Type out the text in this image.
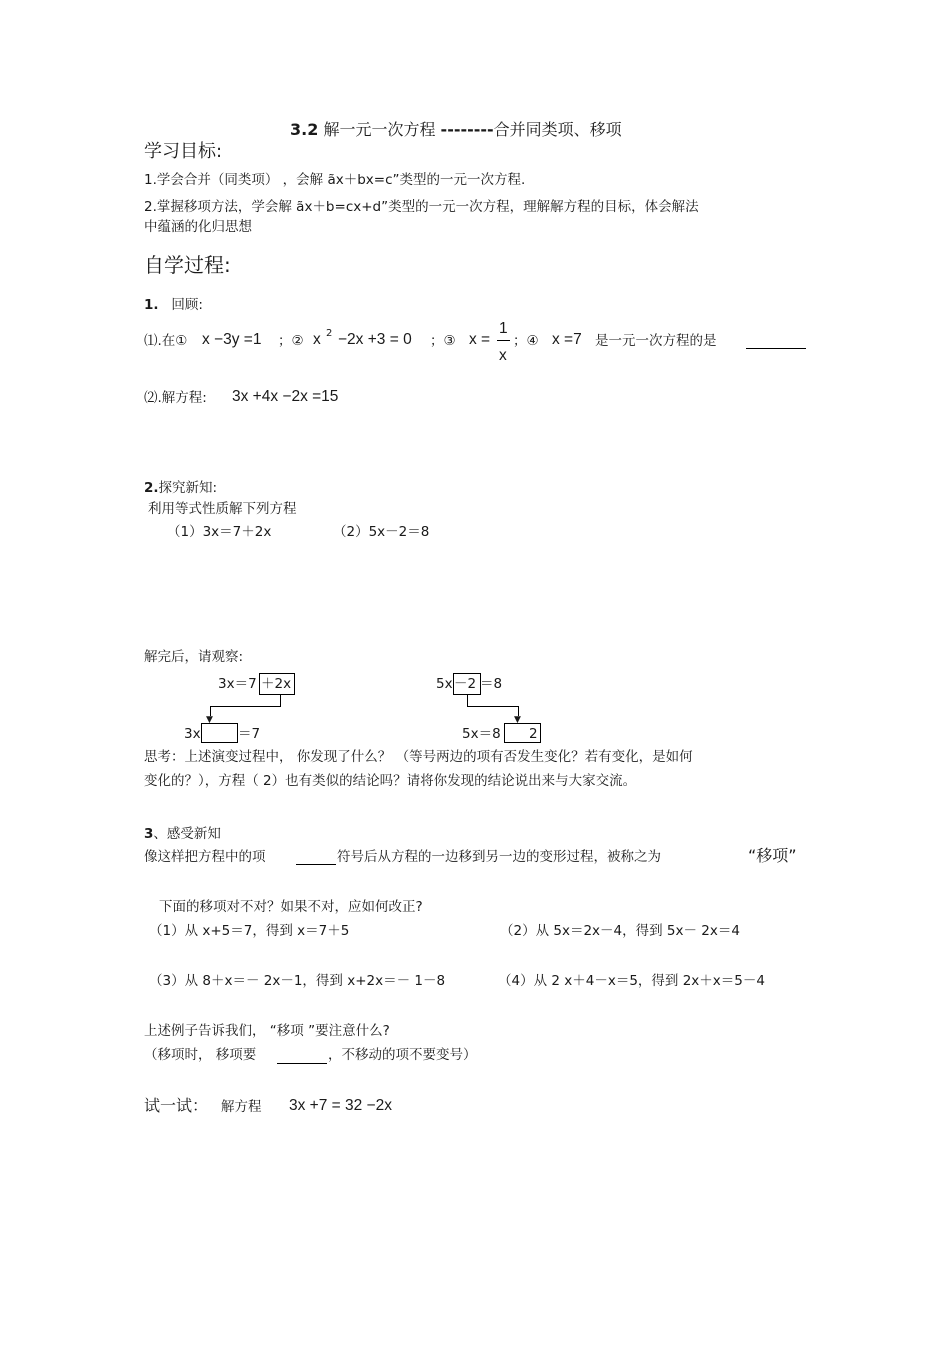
3.2 解一元一次方程 --------合并同类项、移项
学习目标:
1.学会合并（同类项） ，会解 ãx＋bx=c”类型的一元一次方程.
2.掌握移项方法，学会解 ãx＋b=cx+d”类型的一元一次方程，理解解方程的目标，体会解法
中蕴涵的化归思想
自学过程:
1. 回顾:
⑴.在① x −3y =1 ；② x 2 −2x +3 = 0 ；③ x =
1
x
；④ x =7 是一元一次方程的是
⑵.解方程: 3x +4x −2x =15
2.探究新知:
利用等式性质解下列方程
（1）3x＝7＋2x	（2）5x－2＝8
解完后，请观察:
3x＝7 ＋2x
▼
3x	＝7
5x －2 ＝8
▼
5x＝8 2
思考：上述演变过程中， 你发现了什么？ （等号两边的项有否发生变化？若有变化，是如何
变化的？），方程（ 2）也有类似的结论吗？请将你发现的结论说出来与大家交流。
3、感受新知
像这样把方程中的项	符号后从方程的一边移到另一边的变形过程，被称之为	“移项”
下面的移项对不对？如果不对，应如何改正?
（1）从 x+5＝7，得到 x＝7＋5	（2）从 5x＝2x－4，得到 5x－ 2x＝4
（3）从 8＋x＝－ 2x－1，得到 x+2x＝－ 1－8	（4）从 2 x＋4－x＝5，得到 2x＋x＝5－4
上述例子告诉我们， “移项 ”要注意什么?
（移项时， 移项要	，不移动的项不要变号）
试一试： 解方程 3x +7 = 32 −2x
